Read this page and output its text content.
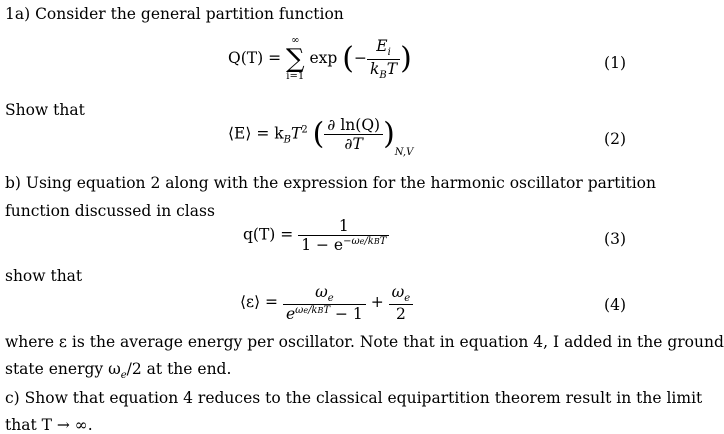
1a) Consider the general partition function
Q(T) =
∞
∑
i=1
exp (− $\frac{E_i}{k_BT}$ )	(1)
Show that
⟨E⟩ = $k_BT^2$ ( $\frac{\partial \ln(Q)}{\partial T} )_{N,V}$
(2)
b) Using equation 2 along with the expression for the harmonic oscillator partition
function discussed in class
$q(T) = \frac{1}{1 - e^{-\omega e/kBT}}$	(3)
show that
⟨ε⟩ = $\frac{\omega_e}{e^{\omega e/kBT} - 1} + \frac{\omega_e}{2}$	(4)
where ε is the average energy per oscillator. Note that in equation 4, I added in the ground
state energy $\omega_e/2$ at the end.
c) Show that equation 4 reduces to the classical equipartition theorem result in the limit
that T → ∞.
